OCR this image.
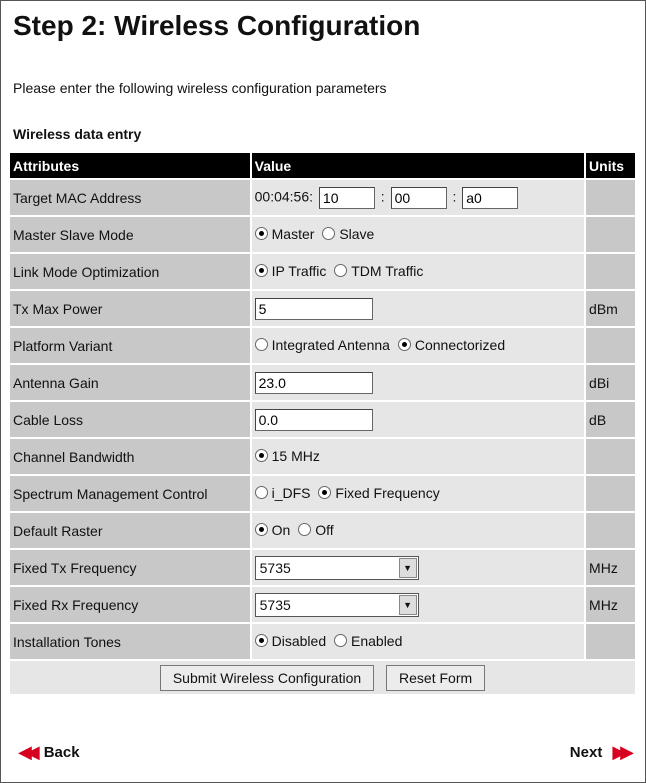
Step 2: Wireless Configuration
Please enter the following wireless configuration parameters
Wireless data entry
Attributes	Value	Units
Target MAC Address	00:04:56: 10 : 00 : a0	
Master Slave Mode	Master
Slave	

Link Mode Optimization	IP Traffic
TDM Traffic	

Tx Max Power	5	dBm
Platform Variant	Integrated Antenna
Connectorized	

Antenna Gain	23.0	dBi
Cable Loss	0.0	dB
Channel Bandwidth	15 MHz	

Spectrum Management Control	i_DFS
Fixed Frequency	

Default Raster	On
Off	

Fixed Tx Frequency	5735 ▼	MHz
Fixed Rx Frequency	5735 ▼	MHz
Installation Tones	Disabled
Enabled	

Submit Wireless Configuration Reset Form		
◀◀ Back	Next ▶▶
